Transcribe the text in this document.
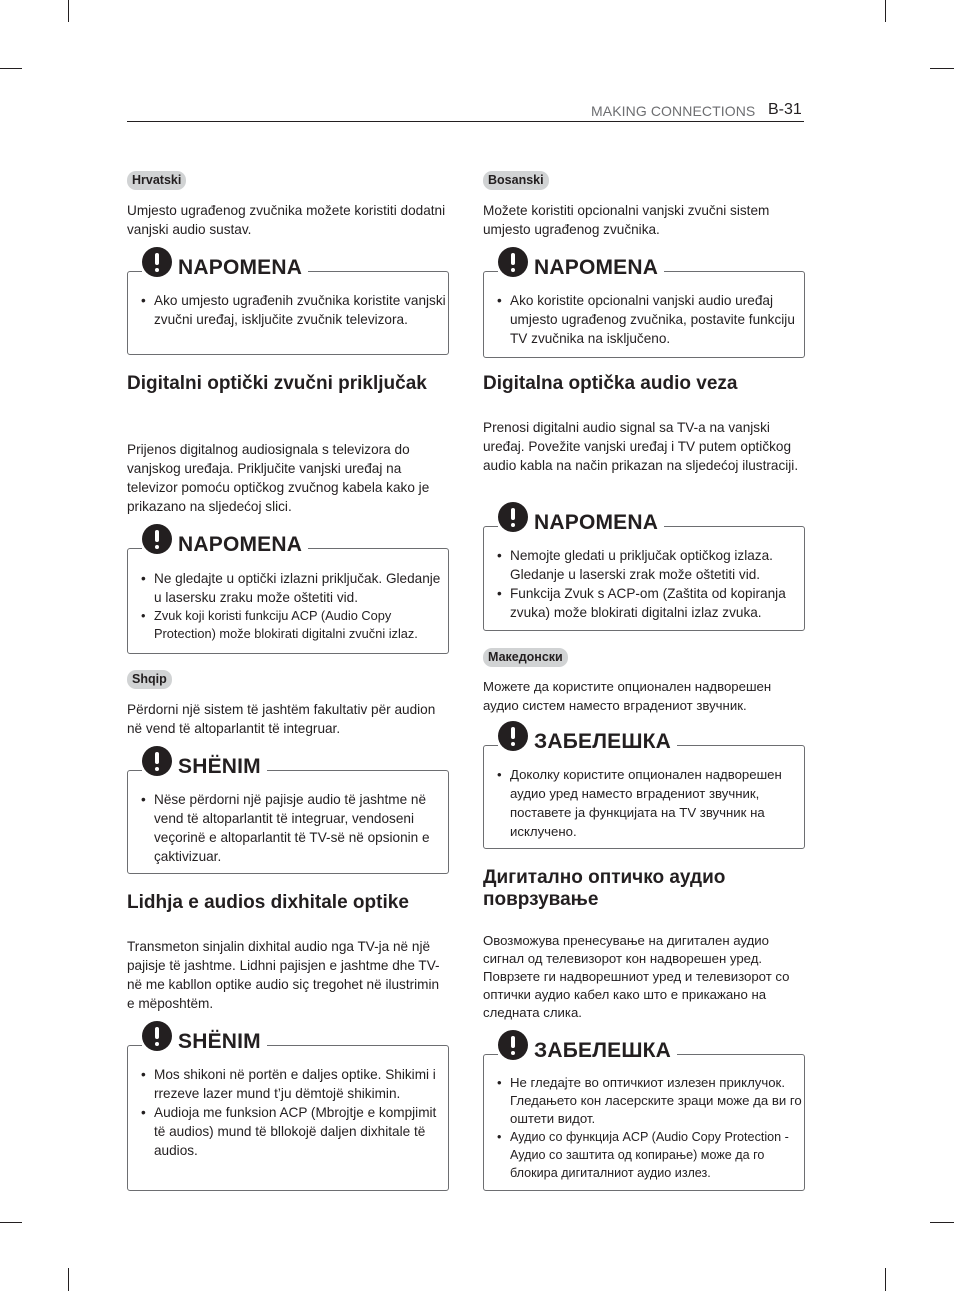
MAKING CONNECTIONS B-31
Hrvatski

Umjesto ugrađenog zvučnika možete koristiti dodatni vanjski audio sustav.

NAPOMENA
• Ako umjesto ugrađenih zvučnika koristite vanjski zvučni uređaj, isključite zvučnik televizora.

Digitalni optički zvučni priključak

Prijenos digitalnog audiosignala s televizora do vanjskog uređaja. Priključite vanjski uređaj na televizor pomoću optičkog zvučnog kabela kako je prikazano na sljedećoj slici.

NAPOMENA
• Ne gledajte u optički izlazni priključak. Gledanje u lasersku zraku može oštetiti vid.
• Zvuk koji koristi funkciju ACP (Audio Copy Protection) može blokirati digitalni zvučni izlaz.
Shqip

Përdorni një sistem të jashtëm fakultativ për audion në vend të altoparlantit të integruar.

SHËNIM
• Nëse përdorni një pajisje audio të jashtme në vend të altoparlantit të integruar, vendoseni veçorinë e altoparlantit të TV-së në opsionin e çaktivizuar.

Lidhja e audios dixhitale optike

Transmeton sinjalin dixhital audio nga TV-ja në një pajisje të jashtme. Lidhni pajisjen e jashtme dhe TV-në me kabllon optike audio siç tregohet në ilustrimin e mëposhtëm.

SHËNIM
• Mos shikoni në portën e daljes optike. Shikimi i rrezeve lazer mund t’ju dëmtojë shikimin.
• Audioja me funksion ACP (Mbrojtje e kompjimit të audios) mund të bllokojë daljen dixhitale të audios.
Bosanski

Možete koristiti opcionalni vanjski zvučni sistem umjesto ugrađenog zvučnika.

NAPOMENA
• Ako koristite opcionalni vanjski audio uređaj umjesto ugrađenog zvučnika, postavite funkciju TV zvučnika na isključeno.

Digitalna optička audio veza

Prenosi digitalni audio signal sa TV-a na vanjski uređaj. Povežite vanjski uređaj i TV putem optičkog audio kabla na način prikazan na sljedećoj ilustraciji.

NAPOMENA
• Nemojte gledati u priključak optičkog izlaza. Gledanje u laserski zrak može oštetiti vid.
• Funkcija Zvuk s ACP-om (Zaštita od kopiranja zvuka) može blokirati digitalni izlaz zvuka.
Македонски

Можете да користите опционален надворешен аудио систем наместо вградениот звучник.

ЗАБЕЛЕШКА
• Доколку користите опционален надворешен аудио уред наместо вградениот звучник, поставете ја функцијата на TV звучник на исклучено.

Дигитално оптичко аудио поврзување

Овозможува пренесување на дигитален аудио сигнал од телевизорот кон надворешен уред. Поврзете ги надворешниот уред и телевизорот со оптички аудио кабел како што е прикажано на следната слика.

ЗАБЕЛЕШКА
• Не гледајте во оптичкиот излезен приклучок. Гледањето кон ласерските зраци може да ви го оштети видот.
• Аудио со функција ACP (Audio Copy Protection - Аудио со заштита од копирање) може да го блокира дигиталниот аудио излез.
